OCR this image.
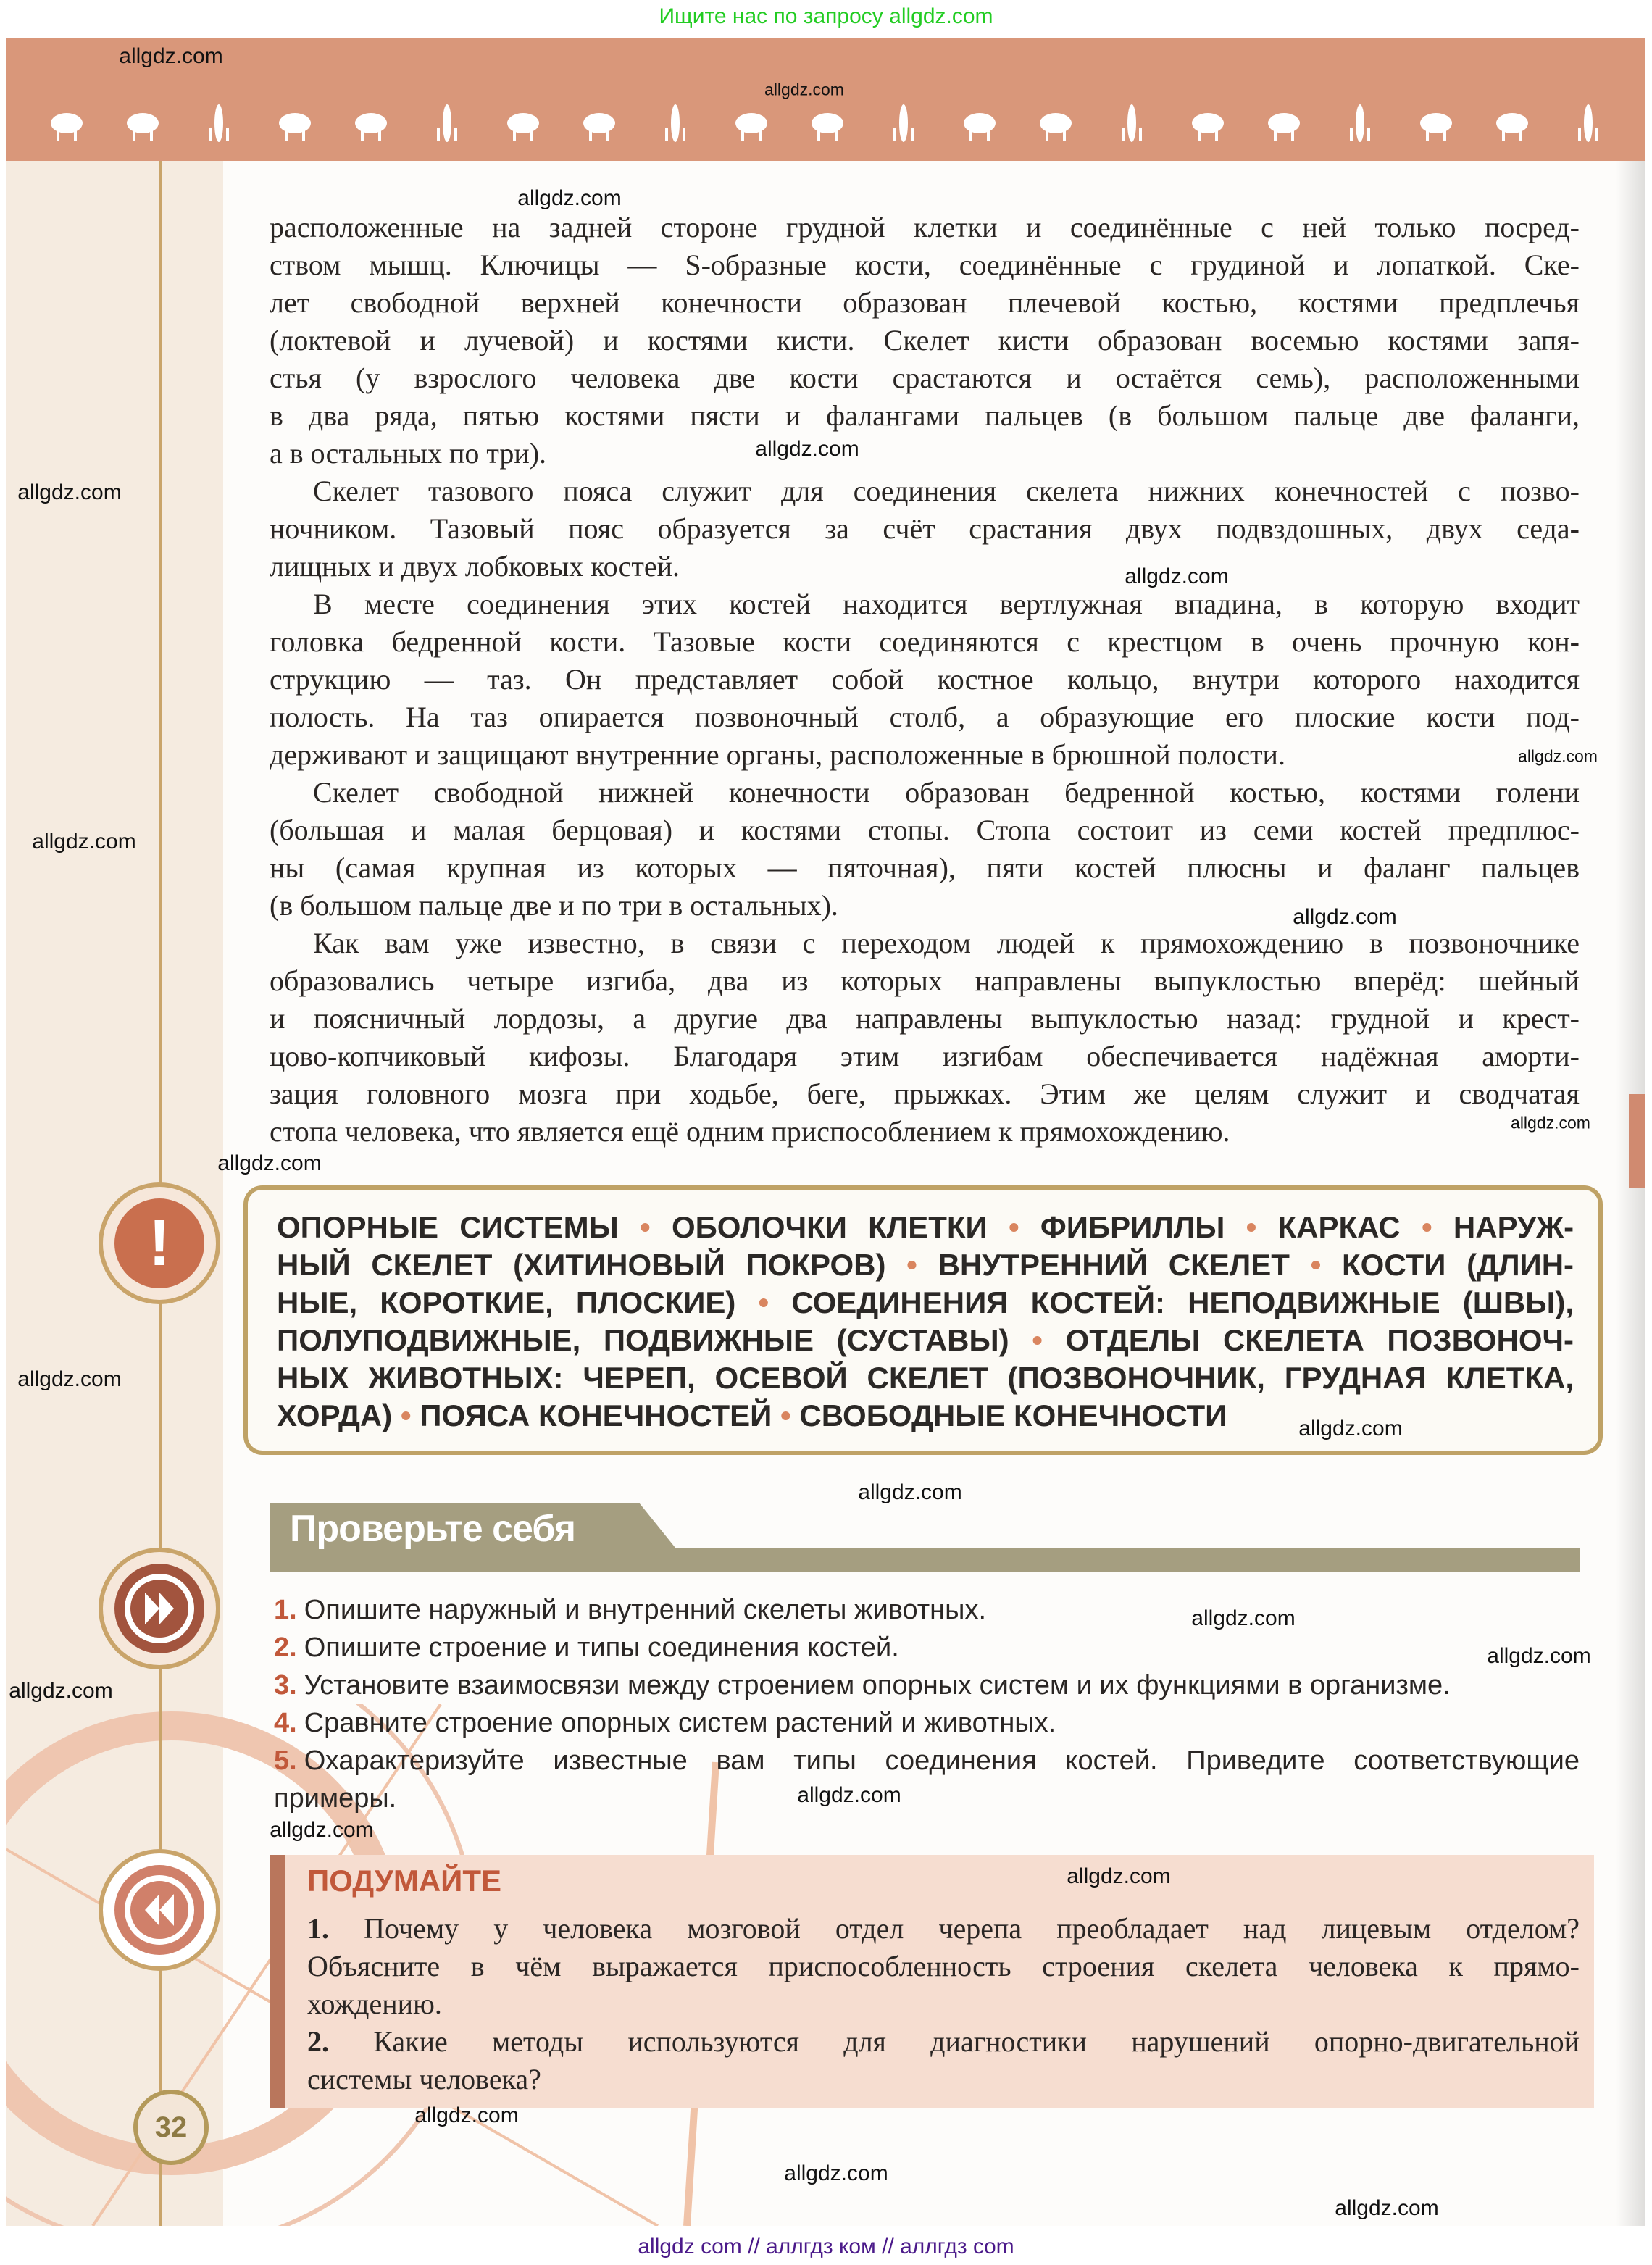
Ищите нас по запросу allgdz.com
расположенные на задней стороне грудной клетки и соединённые с ней только посред-
ством мышц. Ключицы — S-образные кости, соединённые с грудиной и лопаткой. Ске-
лет свободной верхней конечности образован плечевой костью, костями предплечья
(локтевой и лучевой) и костями кисти. Скелет кисти образован восемью костями запя-
стья (у взрослого человека две кости срастаются и остаётся семь), расположенными
в два ряда, пятью костями пясти и фалангами пальцев (в большом пальце две фаланги,
а в остальных по три).
Скелет тазового пояса служит для соединения скелета нижних конечностей с позво-
ночником. Тазовый пояс образуется за счёт срастания двух подвздошных, двух седа-
лищных и двух лобковых костей.
В месте соединения этих костей находится вертлужная впадина, в которую входит
головка бедренной кости. Тазовые кости соединяются с крестцом в очень прочную кон-
струкцию — таз. Он представляет собой костное кольцо, внутри которого находится
полость. На таз опирается позвоночный столб, а образующие его плоские кости под-
держивают и защищают внутренние органы, расположенные в брюшной полости.
Скелет свободной нижней конечности образован бедренной костью, костями голени
(большая и малая берцовая) и костями стопы. Стопа состоит из семи костей предплюс-
ны (самая крупная из которых — пяточная), пяти костей плюсны и фаланг пальцев
(в большом пальце две и по три в остальных).
Как вам уже известно, в связи с переходом людей к прямохождению в позвоночнике
образовались четыре изгиба, два из которых направлены выпуклостью вперёд: шейный
и поясничный лордозы, а другие два направлены выпуклостью назад: грудной и крест-
цово-копчиковый кифозы. Благодаря этим изгибам обеспечивается надёжная аморти-
зация головного мозга при ходьбе, беге, прыжках. Этим же целям служит и сводчатая
стопа человека, что является ещё одним приспособлением к прямохождению.
!	ОПОРНЫЕ СИСТЕМЫ • ОБОЛОЧКИ КЛЕТКИ • ФИБРИЛЛЫ • КАРКАС • НАРУЖ-
НЫЙ СКЕЛЕТ (ХИТИНОВЫЙ ПОКРОВ) • ВНУТРЕННИЙ СКЕЛЕТ • КОСТИ (ДЛИН-
НЫЕ, КОРОТКИЕ, ПЛОСКИЕ) • СОЕДИНЕНИЯ КОСТЕЙ: НЕПОДВИЖНЫЕ (ШВЫ),
ПОЛУПОДВИЖНЫЕ, ПОДВИЖНЫЕ (СУСТАВЫ) • ОТДЕЛЫ СКЕЛЕТА ПОЗВОНОЧ-
НЫХ ЖИВОТНЫХ: ЧЕРЕП, ОСЕВОЙ СКЕЛЕТ (ПОЗВОНОЧНИК, ГРУДНАЯ КЛЕТКА,
ХОРДА) • ПОЯСА КОНЕЧНОСТЕЙ • СВОБОДНЫЕ КОНЕЧНОСТИ
Проверьте себя
1. Опишите наружный и внутренний скелеты животных.
2. Опишите строение и типы соединения костей.
3. Установите взаимосвязи между строением опорных систем и их функциями в организме.
4. Сравните строение опорных систем растений и животных.
5. Охарактеризуйте известные вам типы соединения костей. Приведите соответствующие
примеры.
ПОДУМАЙТЕ
1. Почему у человека мозговой отдел черепа преобладает над лицевым отделом?
Объясните в чём выражается приспособленность строения скелета человека к прямо-
хождению.
2. Какие методы используются для диагностики нарушений опорно-двигательной
системы человека?
32
allgdz.com
allgdz.com
allgdz.com
allgdz.com
allgdz.com
allgdz.com
allgdz.com
allgdz.com
allgdz.com
allgdz.com
allgdz.com
allgdz.com
allgdz.com
allgdz.com
allgdz.com
allgdz.com
allgdz.com
allgdz.com
allgdz.com
allgdz.com
allgdz.com
allgdz.com
allgdz.com
allgdz com // аллгдз ком // аллгдз com
